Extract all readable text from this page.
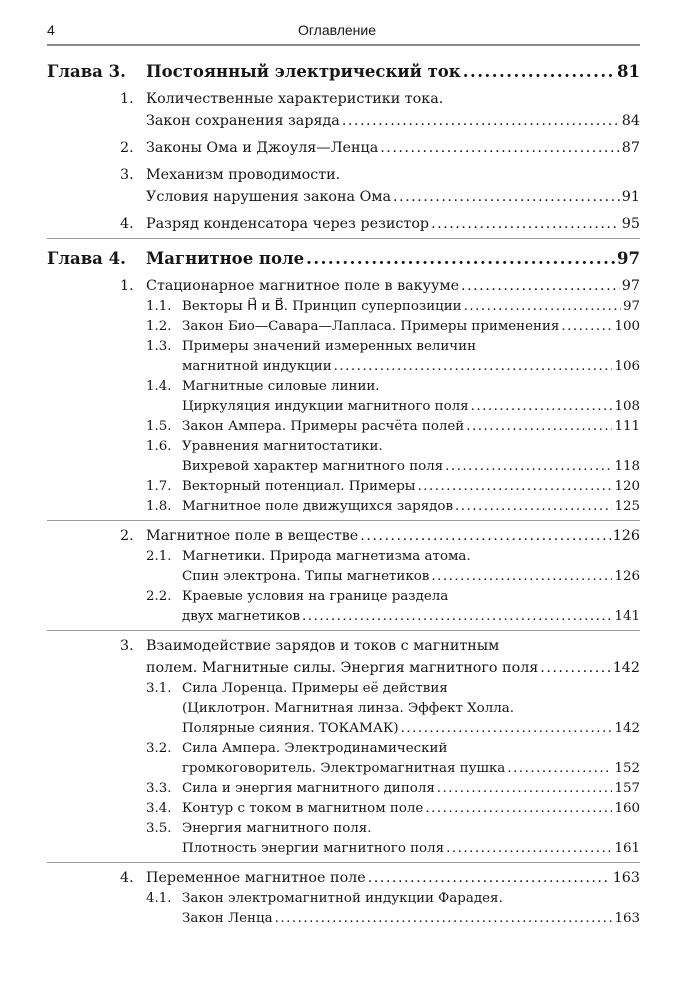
4	Оглавление
Глава 3. Постоянный электрический ток .....	81
1. Количественные характеристики тока.
Закон сохранения заряда .....	84
2. Законы Ома и Джоуля—Ленца .....	87
3. Механизм проводимости.
Условия нарушения закона Ома .....	91
4. Разряд конденсатора через резистор .....	95
Глава 4. Магнитное поле .....	97
1. Стационарное магнитное поле в вакууме .....	97
1.1. Векторы H⃗ и B⃗. Принцип суперпозиции .....	97
1.2. Закон Био—Савара—Лапласа. Примеры применения .....	100
1.3. Примеры значений измеренных величин
магнитной индукции .....	106
1.4. Магнитные силовые линии.
Циркуляция индукции магнитного поля .....	108
1.5. Закон Ампера. Примеры расчёта полей .....	111
1.6. Уравнения магнитостатики.
Вихревой характер магнитного поля .....	118
1.7. Векторный потенциал. Примеры .....	120
1.8. Магнитное поле движущихся зарядов .....	125
2. Магнитное поле в веществе .....	126
2.1. Магнетики. Природа магнетизма атома.
Спин электрона. Типы магнетиков .....	126
2.2. Краевые условия на границе раздела
двух магнетиков .....	141
3. Взаимодействие зарядов и токов с магнитным
полем. Магнитные силы. Энергия магнитного поля .....	142
3.1. Сила Лоренца. Примеры её действия
(Циклотрон. Магнитная линза. Эффект Холла.
Полярные сияния. ТОКАМАК) .....	142
3.2. Сила Ампера. Электродинамический
громкоговоритель. Электромагнитная пушка .....	152
3.3. Сила и энергия магнитного диполя .....	157
3.4. Контур с током в магнитном поле .....	160
3.5. Энергия магнитного поля.
Плотность энергии магнитного поля .....	161
4. Переменное магнитное поле .....	163
4.1. Закон электромагнитной индукции Фарадея.
Закон Ленца .....	163
